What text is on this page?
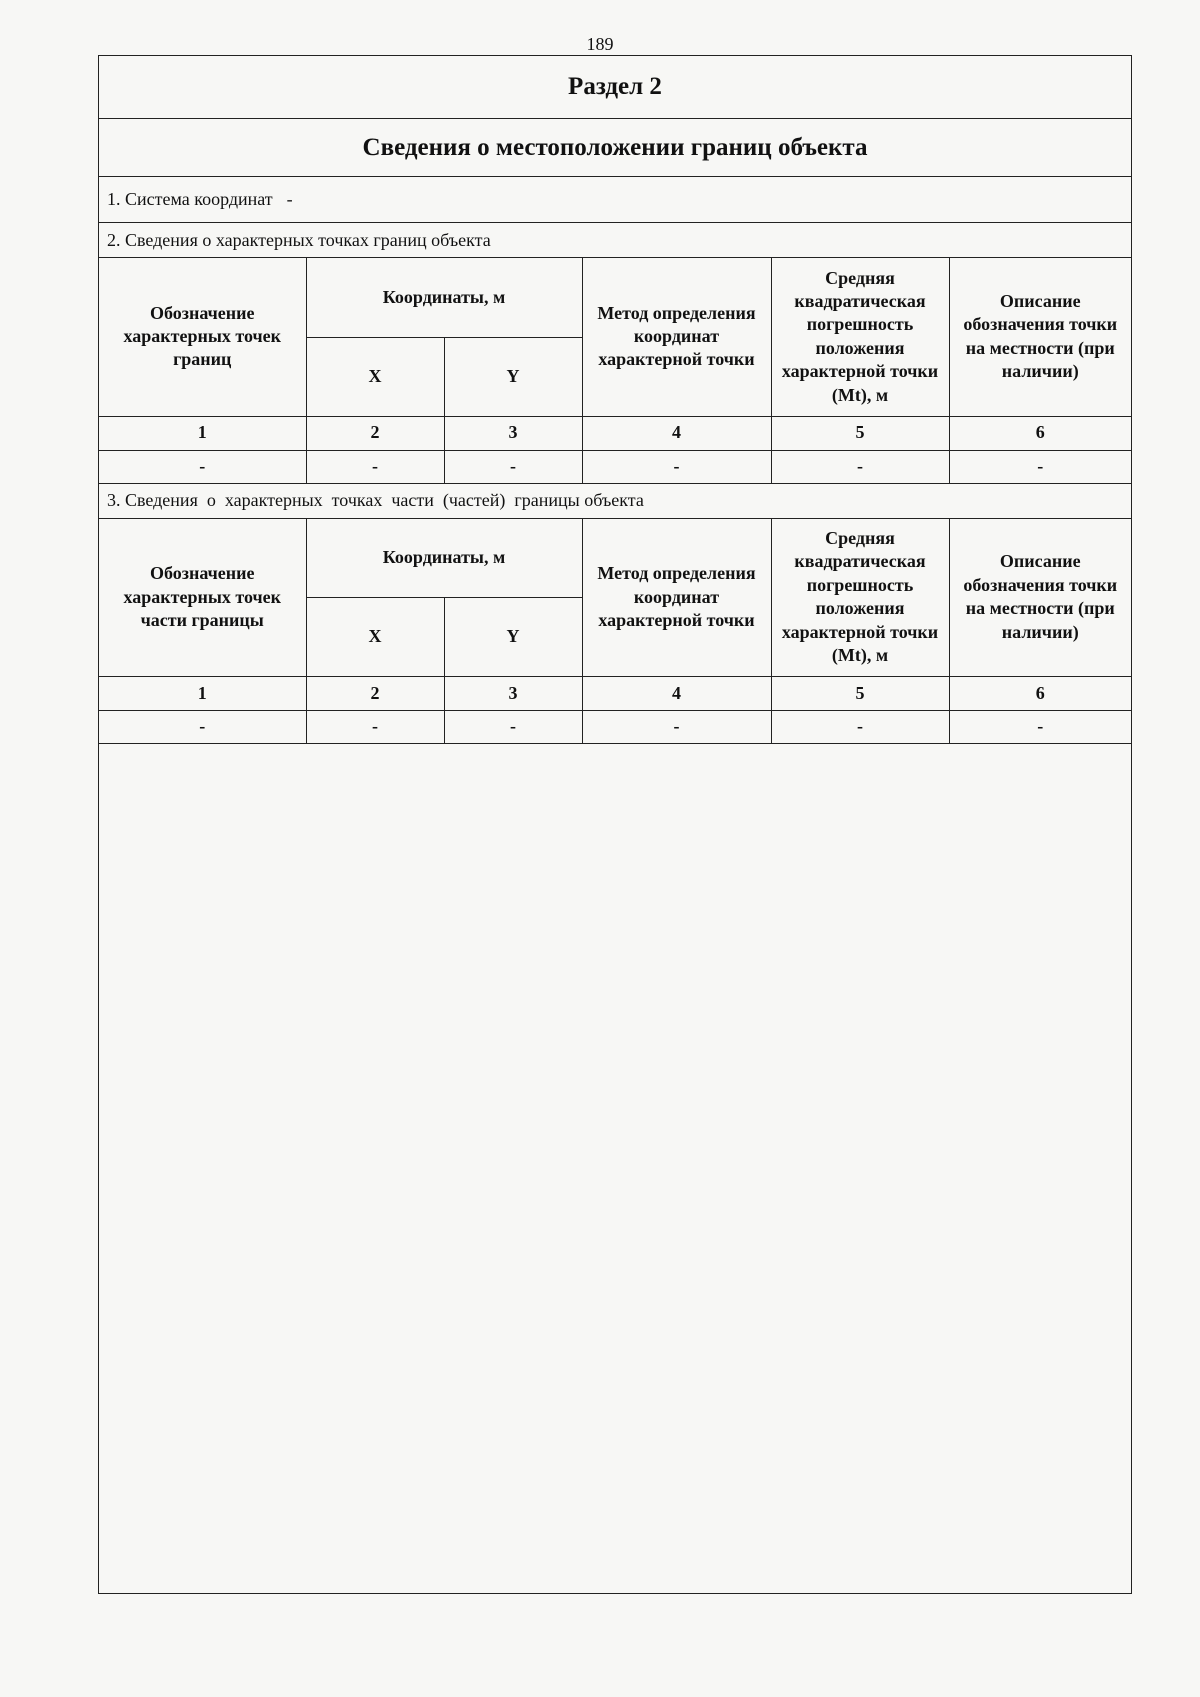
189
Раздел 2
Сведения о местоположении границ объекта
1. Система координат -
2. Сведения о характерных точках границ объекта
Обозначение характерных точек границ	Координаты, м		Метод определения координат характерной точки	Средняя квадратическая погрешность положения характерной точки (Mt), м	Описание обозначения точки на местности (при наличии)
	X	Y			
1	2	3	4	5	6
-	-	-	-	-	-
3. Сведения  о  характерных  точках  части  (частей)  границы объекта
Обозначение характерных точек части границы	Координаты, м		Метод определения координат характерной точки	Средняя квадратическая погрешность положения характерной точки (Mt), м	Описание обозначения точки на местности (при наличии)
	X	Y			
1	2	3	4	5	6
-	-	-	-	-	-
